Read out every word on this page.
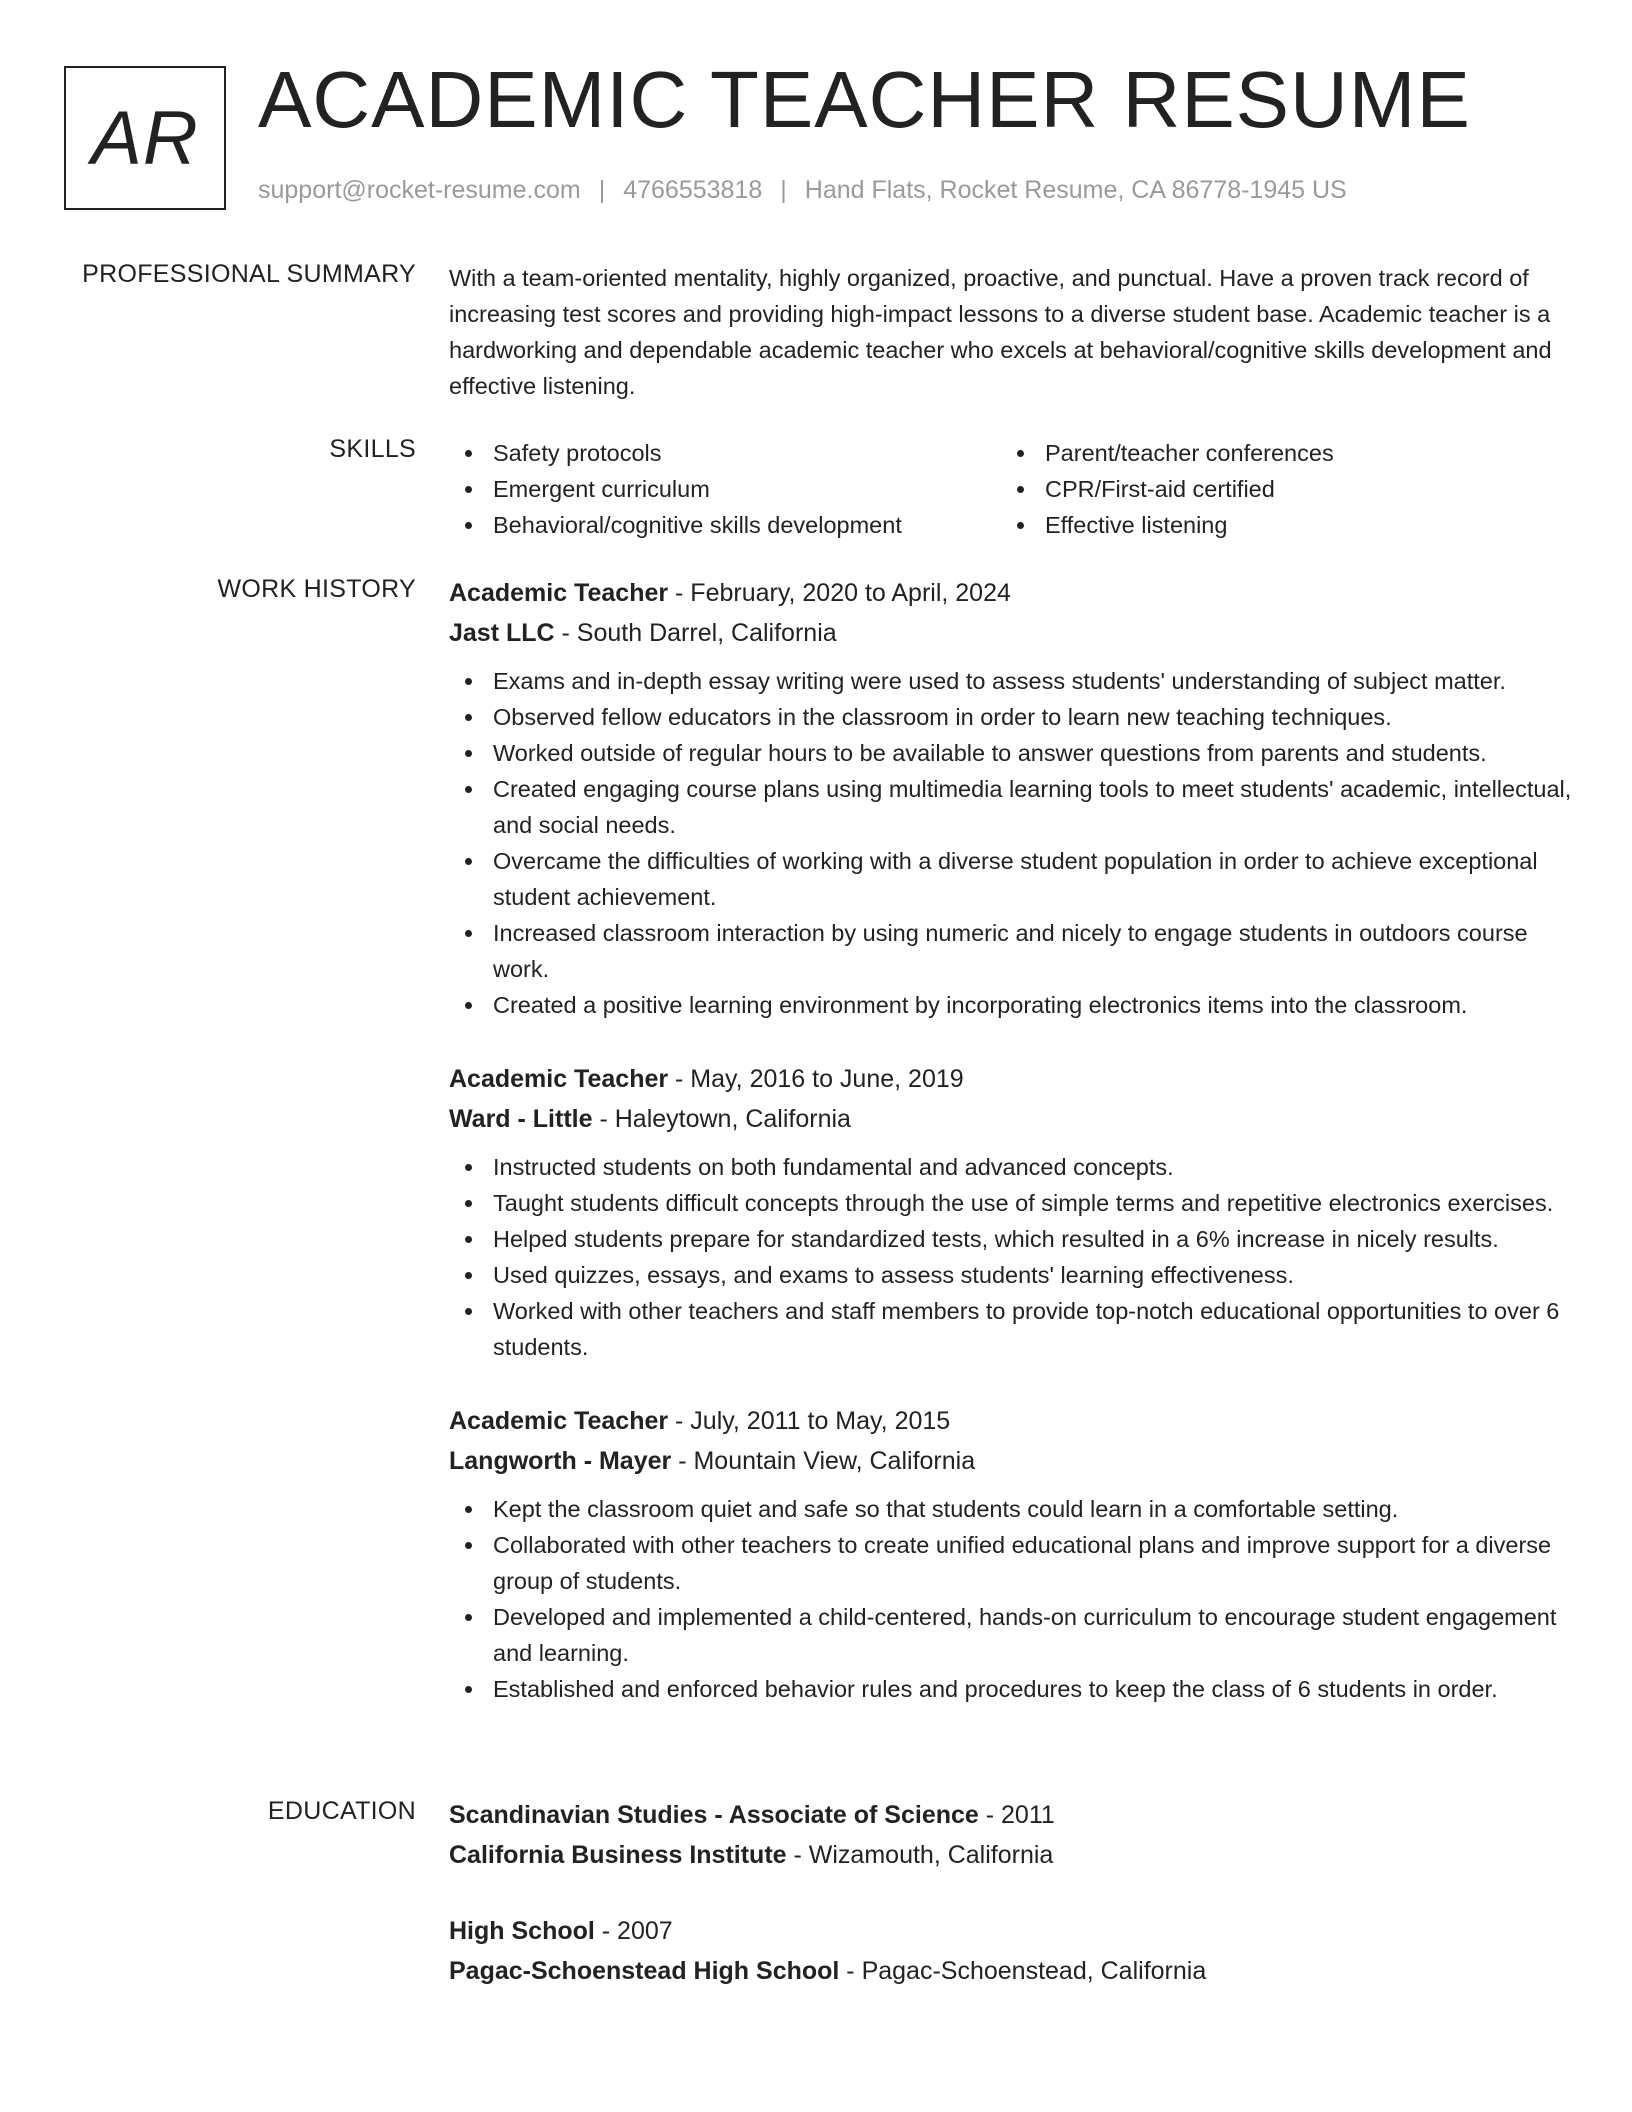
AR ACADEMIC TEACHER RESUME
support@rocket-resume.com | 4766553818 | Hand Flats, Rocket Resume, CA 86778-1945 US
PROFESSIONAL SUMMARY With a team-oriented mentality, highly organized, proactive, and punctual. Have a proven track record of increasing test scores and providing high-impact lessons to a diverse student base. Academic teacher is a hardworking and dependable academic teacher who excels at behavioral/cognitive skills development and effective listening.
SKILLS	Safety protocols
Emergent curriculum
Behavioral/cognitive skills development
Parent/teacher conferences
CPR/First-aid certified
Effective listening
WORK HISTORY Academic Teacher - February, 2020 to April, 2024
Jast LLC - South Darrel, California
Exams and in-depth essay writing were used to assess students' understanding of subject matter.
Observed fellow educators in the classroom in order to learn new teaching techniques.
Worked outside of regular hours to be available to answer questions from parents and students.
Created engaging course plans using multimedia learning tools to meet students' academic, intellectual, and social needs.
Overcame the difficulties of working with a diverse student population in order to achieve exceptional student achievement.
Increased classroom interaction by using numeric and nicely to engage students in outdoors course work.
Created a positive learning environment by incorporating electronics items into the classroom.
Academic Teacher - May, 2016 to June, 2019
Ward - Little - Haleytown, California
Instructed students on both fundamental and advanced concepts.
Taught students difficult concepts through the use of simple terms and repetitive electronics exercises.
Helped students prepare for standardized tests, which resulted in a 6% increase in nicely results.
Used quizzes, essays, and exams to assess students' learning effectiveness.
Worked with other teachers and staff members to provide top-notch educational opportunities to over 6 students.
Academic Teacher - July, 2011 to May, 2015
Langworth - Mayer - Mountain View, California
Kept the classroom quiet and safe so that students could learn in a comfortable setting.
Collaborated with other teachers to create unified educational plans and improve support for a diverse group of students.
Developed and implemented a child-centered, hands-on curriculum to encourage student engagement and learning.
Established and enforced behavior rules and procedures to keep the class of 6 students in order.
EDUCATION Scandinavian Studies - Associate of Science - 2011
California Business Institute - Wizamouth, California
High School - 2007
Pagac-Schoenstead High School - Pagac-Schoenstead, California
